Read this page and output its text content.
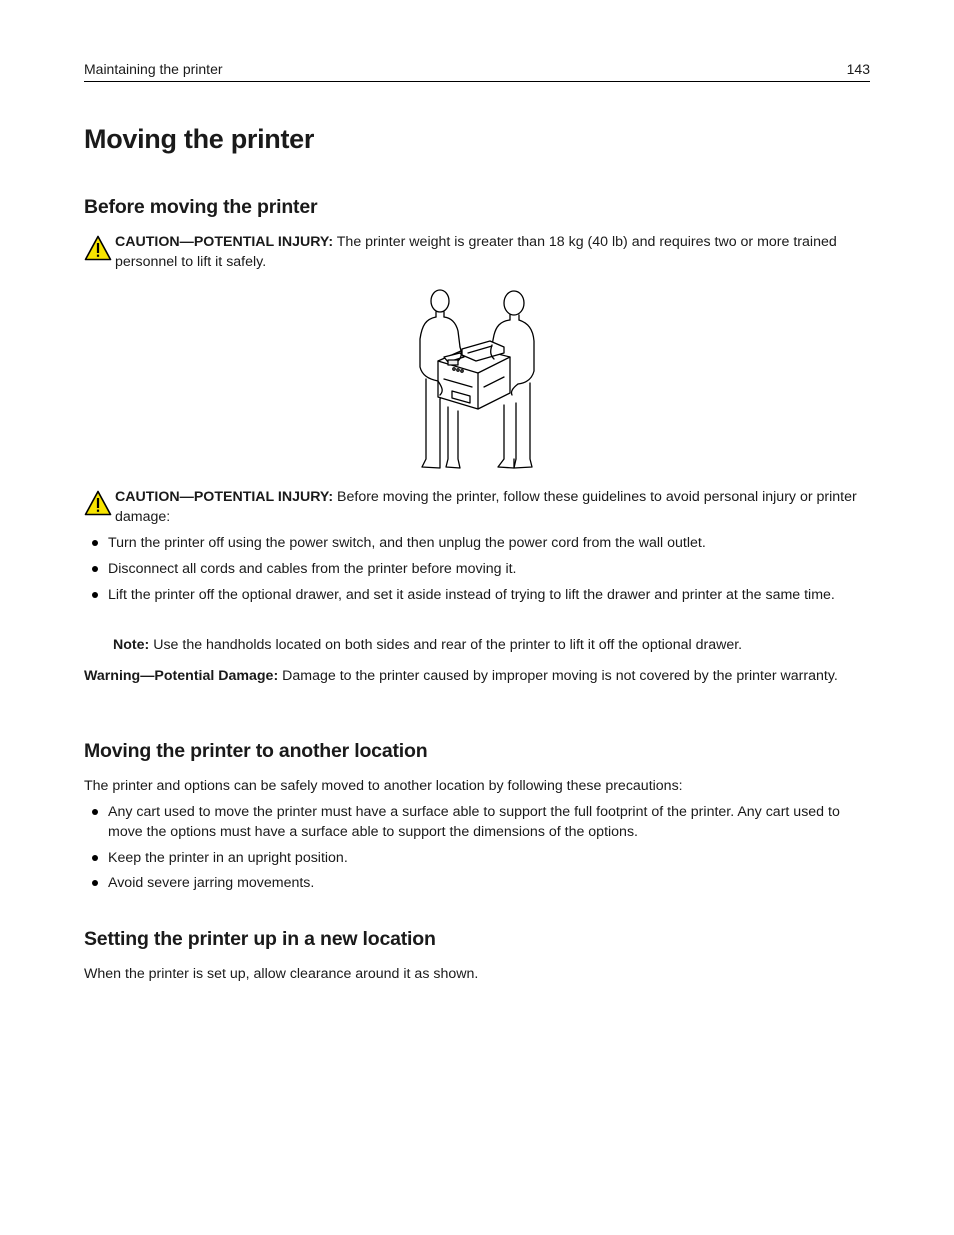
Maintaining the printer	143
Moving the printer
Before moving the printer
CAUTION—POTENTIAL INJURY: The printer weight is greater than 18 kg (40 lb) and requires two or more trained personnel to lift it safely.
CAUTION—POTENTIAL INJURY: Before moving the printer, follow these guidelines to avoid personal injury or printer damage:
Turn the printer off using the power switch, and then unplug the power cord from the wall outlet.
Disconnect all cords and cables from the printer before moving it.
Lift the printer off the optional drawer, and set it aside instead of trying to lift the drawer and printer at the same time.

Note: Use the handholds located on both sides and rear of the printer to lift it off the optional drawer.

Warning—Potential Damage: Damage to the printer caused by improper moving is not covered by the printer warranty.

Moving the printer to another location

The printer and options can be safely moved to another location by following these precautions:

Any cart used to move the printer must have a surface able to support the full footprint of the printer. Any cart used to move the options must have a surface able to support the dimensions of the options.
Keep the printer in an upright position.
Avoid severe jarring movements.
Setting the printer up in a new location

When the printer is set up, allow clearance around it as shown.
